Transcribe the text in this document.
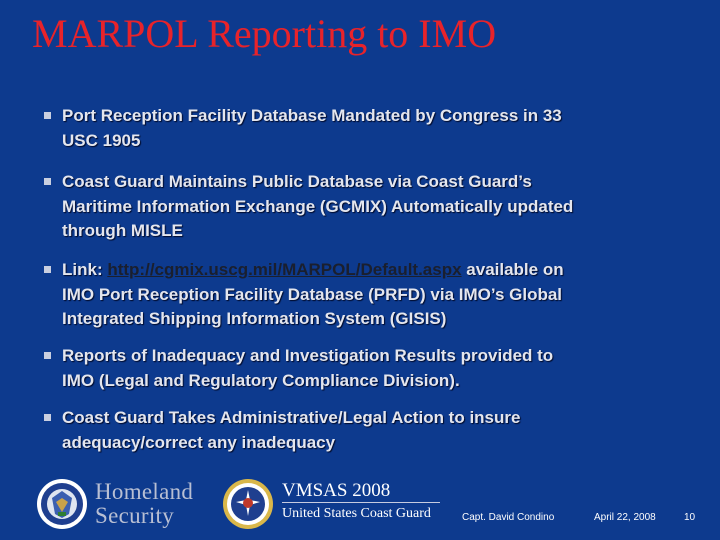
MARPOL Reporting to IMO
Port Reception Facility Database Mandated by Congress in 33
USC 1905
Coast Guard Maintains Public Database via Coast Guard’s
Maritime Information Exchange (GCMIX) Automatically updated
through MISLE
Link: http://cgmix.uscg.mil/MARPOL/Default.aspx available on
IMO Port Reception Facility Database (PRFD) via IMO’s Global
Integrated Shipping Information System (GISIS)
Reports of Inadequacy and Investigation Results provided to
IMO (Legal and Regulatory Compliance Division).
Coast Guard Takes Administrative/Legal Action to insure
adequacy/correct any inadequacy
Homeland
Security
VMSAS 2008
United States Coast Guard	Capt. David Condino	April 22, 2008	10
